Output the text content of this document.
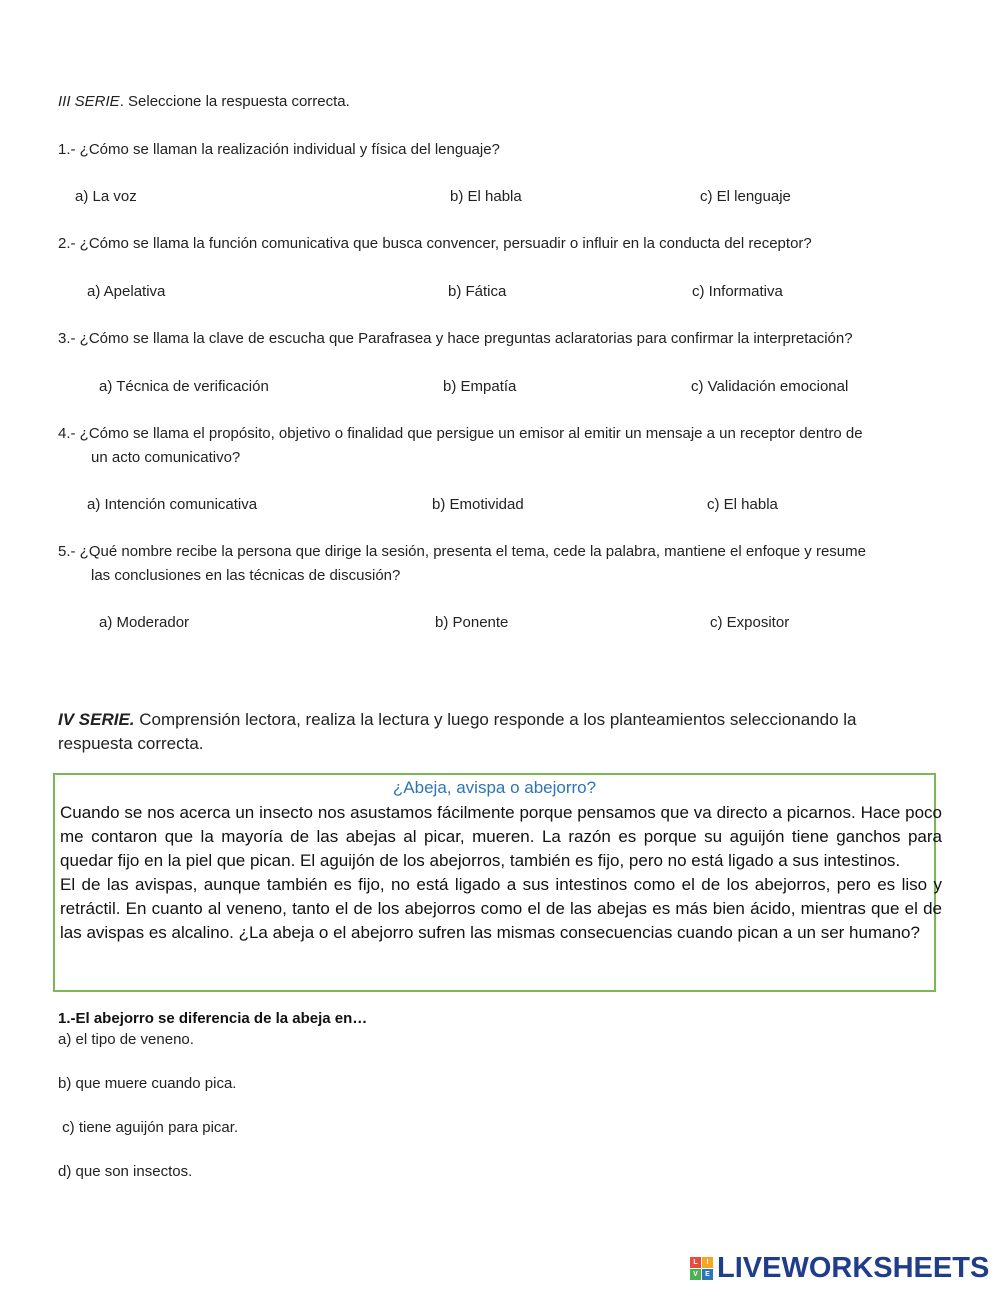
III SERIE. Seleccione la respuesta correcta.
1.- ¿Cómo se llaman la realización individual y física del lenguaje?
a) La voz	b) El habla	c) El lenguaje
2.- ¿Cómo se llama la función comunicativa que busca convencer, persuadir o influir en la conducta del receptor?
a) Apelativa	b) Fática	c) Informativa
3.- ¿Cómo se llama la clave de escucha que Parafrasea y hace preguntas aclaratorias para confirmar la interpretación?
a) Técnica de verificación	b) Empatía	c) Validación emocional
4.- ¿Cómo se llama el propósito, objetivo o finalidad que persigue un emisor al emitir un mensaje a un receptor dentro de
un acto comunicativo?
a) Intención comunicativa	b) Emotividad	c) El habla
5.- ¿Qué nombre recibe la persona que dirige la sesión, presenta el tema, cede la palabra, mantiene el enfoque y resume
las conclusiones en las técnicas de discusión?
a) Moderador	b) Ponente	c) Expositor
IV SERIE. Comprensión lectora, realiza la lectura y luego responde a los planteamientos seleccionando la
respuesta correcta.
¿Abeja, avispa o abejorro?

Cuando se nos acerca un insecto nos asustamos fácilmente porque pensamos que va directo a picarnos. Hace poco me contaron que la mayoría de las abejas al picar, mueren. La razón es porque su aguijón tiene ganchos para quedar fijo en la piel que pican. El aguijón de los abejorros, también es fijo, pero no está ligado a sus intestinos.

El de las avispas, aunque también es fijo, no está ligado a sus intestinos como el de los abejorros, pero es liso y retráctil. En cuanto al veneno, tanto el de los abejorros como el de las abejas es más bien ácido, mientras que el de las avispas es alcalino. ¿La abeja o el abejorro sufren las mismas consecuencias cuando pican a un ser humano?

1.-El abejorro se diferencia de la abeja en…
a) el tipo de veneno.
b) que muere cuando pica.
c) tiene aguijón para picar.
d) que son insectos.
L	I
V	E LIVEWORKSHEETS
